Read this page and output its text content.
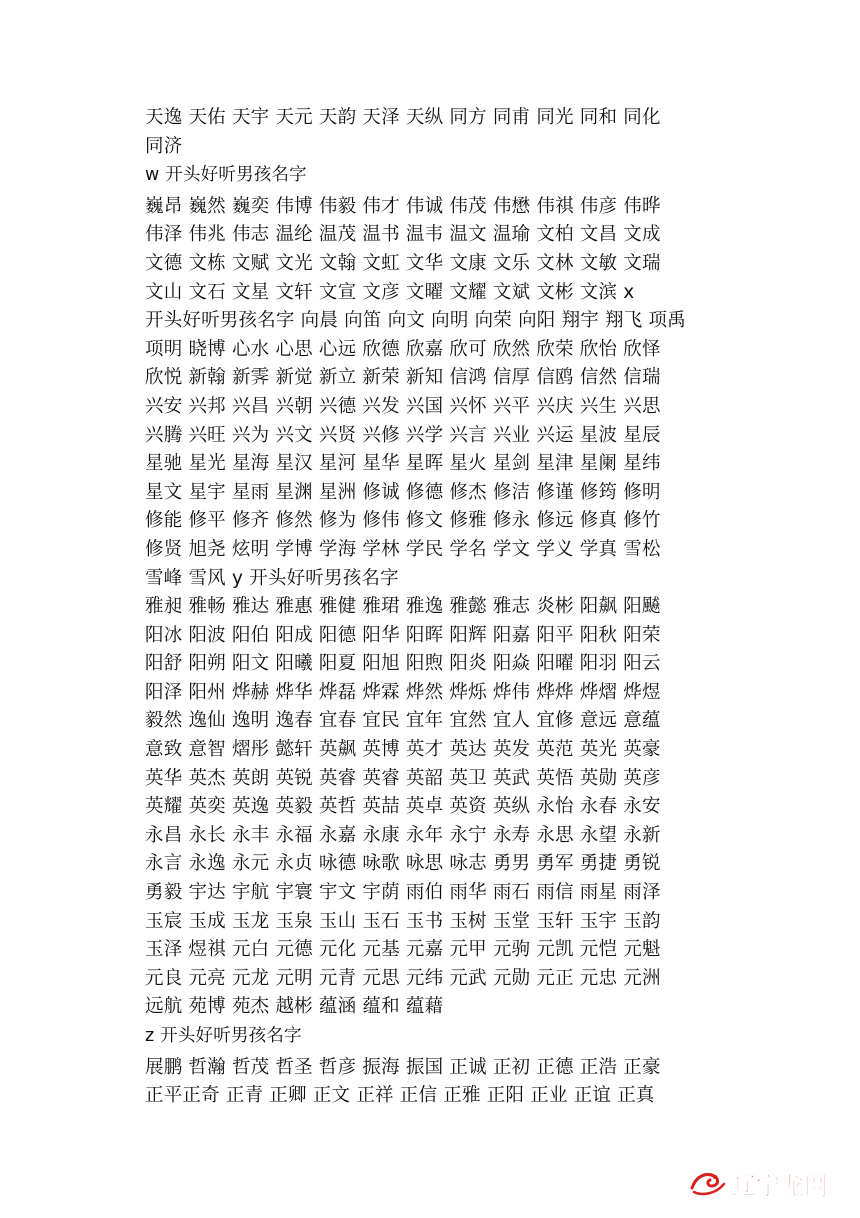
天逸 天佑 天宇 天元 天韵 天泽 天纵 同方 同甫 同光 同和 同化
同济
w 开头好听男孩名字
巍昂 巍然 巍奕 伟博 伟毅 伟才 伟诚 伟茂 伟懋 伟祺 伟彦 伟晔
伟泽 伟兆 伟志 温纶 温茂 温书 温韦 温文 温瑜 文柏 文昌 文成
文德 文栋 文赋 文光 文翰 文虹 文华 文康 文乐 文林 文敏 文瑞
文山 文石 文星 文轩 文宣 文彦 文曜 文耀 文斌 文彬 文滨 x
开头好听男孩名字 向晨 向笛 向文 向明 向荣 向阳 翔宇 翔飞 项禹
项明 晓博 心水 心思 心远 欣德 欣嘉 欣可 欣然 欣荣 欣怡 欣怿
欣悦 新翰 新霁 新觉 新立 新荣 新知 信鸿 信厚 信鸥 信然 信瑞
兴安 兴邦 兴昌 兴朝 兴德 兴发 兴国 兴怀 兴平 兴庆 兴生 兴思
兴腾 兴旺 兴为 兴文 兴贤 兴修 兴学 兴言 兴业 兴运 星波 星辰
星驰 星光 星海 星汉 星河 星华 星晖 星火 星剑 星津 星阑 星纬
星文 星宇 星雨 星渊 星洲 修诚 修德 修杰 修洁 修谨 修筠 修明
修能 修平 修齐 修然 修为 修伟 修文 修雅 修永 修远 修真 修竹
修贤 旭尧 炫明 学博 学海 学林 学民 学名 学文 学义 学真 雪松
雪峰 雪风 y 开头好听男孩名字
雅昶 雅畅 雅达 雅惠 雅健 雅珺 雅逸 雅懿 雅志 炎彬 阳飙 阳飇
阳冰 阳波 阳伯 阳成 阳德 阳华 阳晖 阳辉 阳嘉 阳平 阳秋 阳荣
阳舒 阳朔 阳文 阳曦 阳夏 阳旭 阳煦 阳炎 阳焱 阳曜 阳羽 阳云
阳泽 阳州 烨赫 烨华 烨磊 烨霖 烨然 烨烁 烨伟 烨烨 烨熠 烨煜
毅然 逸仙 逸明 逸春 宜春 宜民 宜年 宜然 宜人 宜修 意远 意蕴
意致 意智 熠彤 懿轩 英飙 英博 英才 英达 英发 英范 英光 英豪
英华 英杰 英朗 英锐 英睿 英睿 英韶 英卫 英武 英悟 英勋 英彦
英耀 英奕 英逸 英毅 英哲 英喆 英卓 英资 英纵 永怡 永春 永安
永昌 永长 永丰 永福 永嘉 永康 永年 永宁 永寿 永思 永望 永新
永言 永逸 永元 永贞 咏德 咏歌 咏思 咏志 勇男 勇军 勇捷 勇锐
勇毅 宇达 宇航 宇寰 宇文 宇荫 雨伯 雨华 雨石 雨信 雨星 雨泽
玉宸 玉成 玉龙 玉泉 玉山 玉石 玉书 玉树 玉堂 玉轩 玉宇 玉韵
玉泽 煜祺 元白 元德 元化 元基 元嘉 元甲 元驹 元凯 元恺 元魁
元良 元亮 元龙 元明 元青 元思 元纬 元武 元勋 元正 元忠 元洲
远航 苑博 苑杰 越彬 蕴涵 蕴和 蕴藉
z 开头好听男孩名字
展鹏 哲瀚 哲茂 哲圣 哲彦 振海 振国 正诚 正初 正德 正浩 正豪
正平正奇 正青 正卿 正文 正祥 正信 正雅 正阳 正业 正谊 正真
辽宁龙网
